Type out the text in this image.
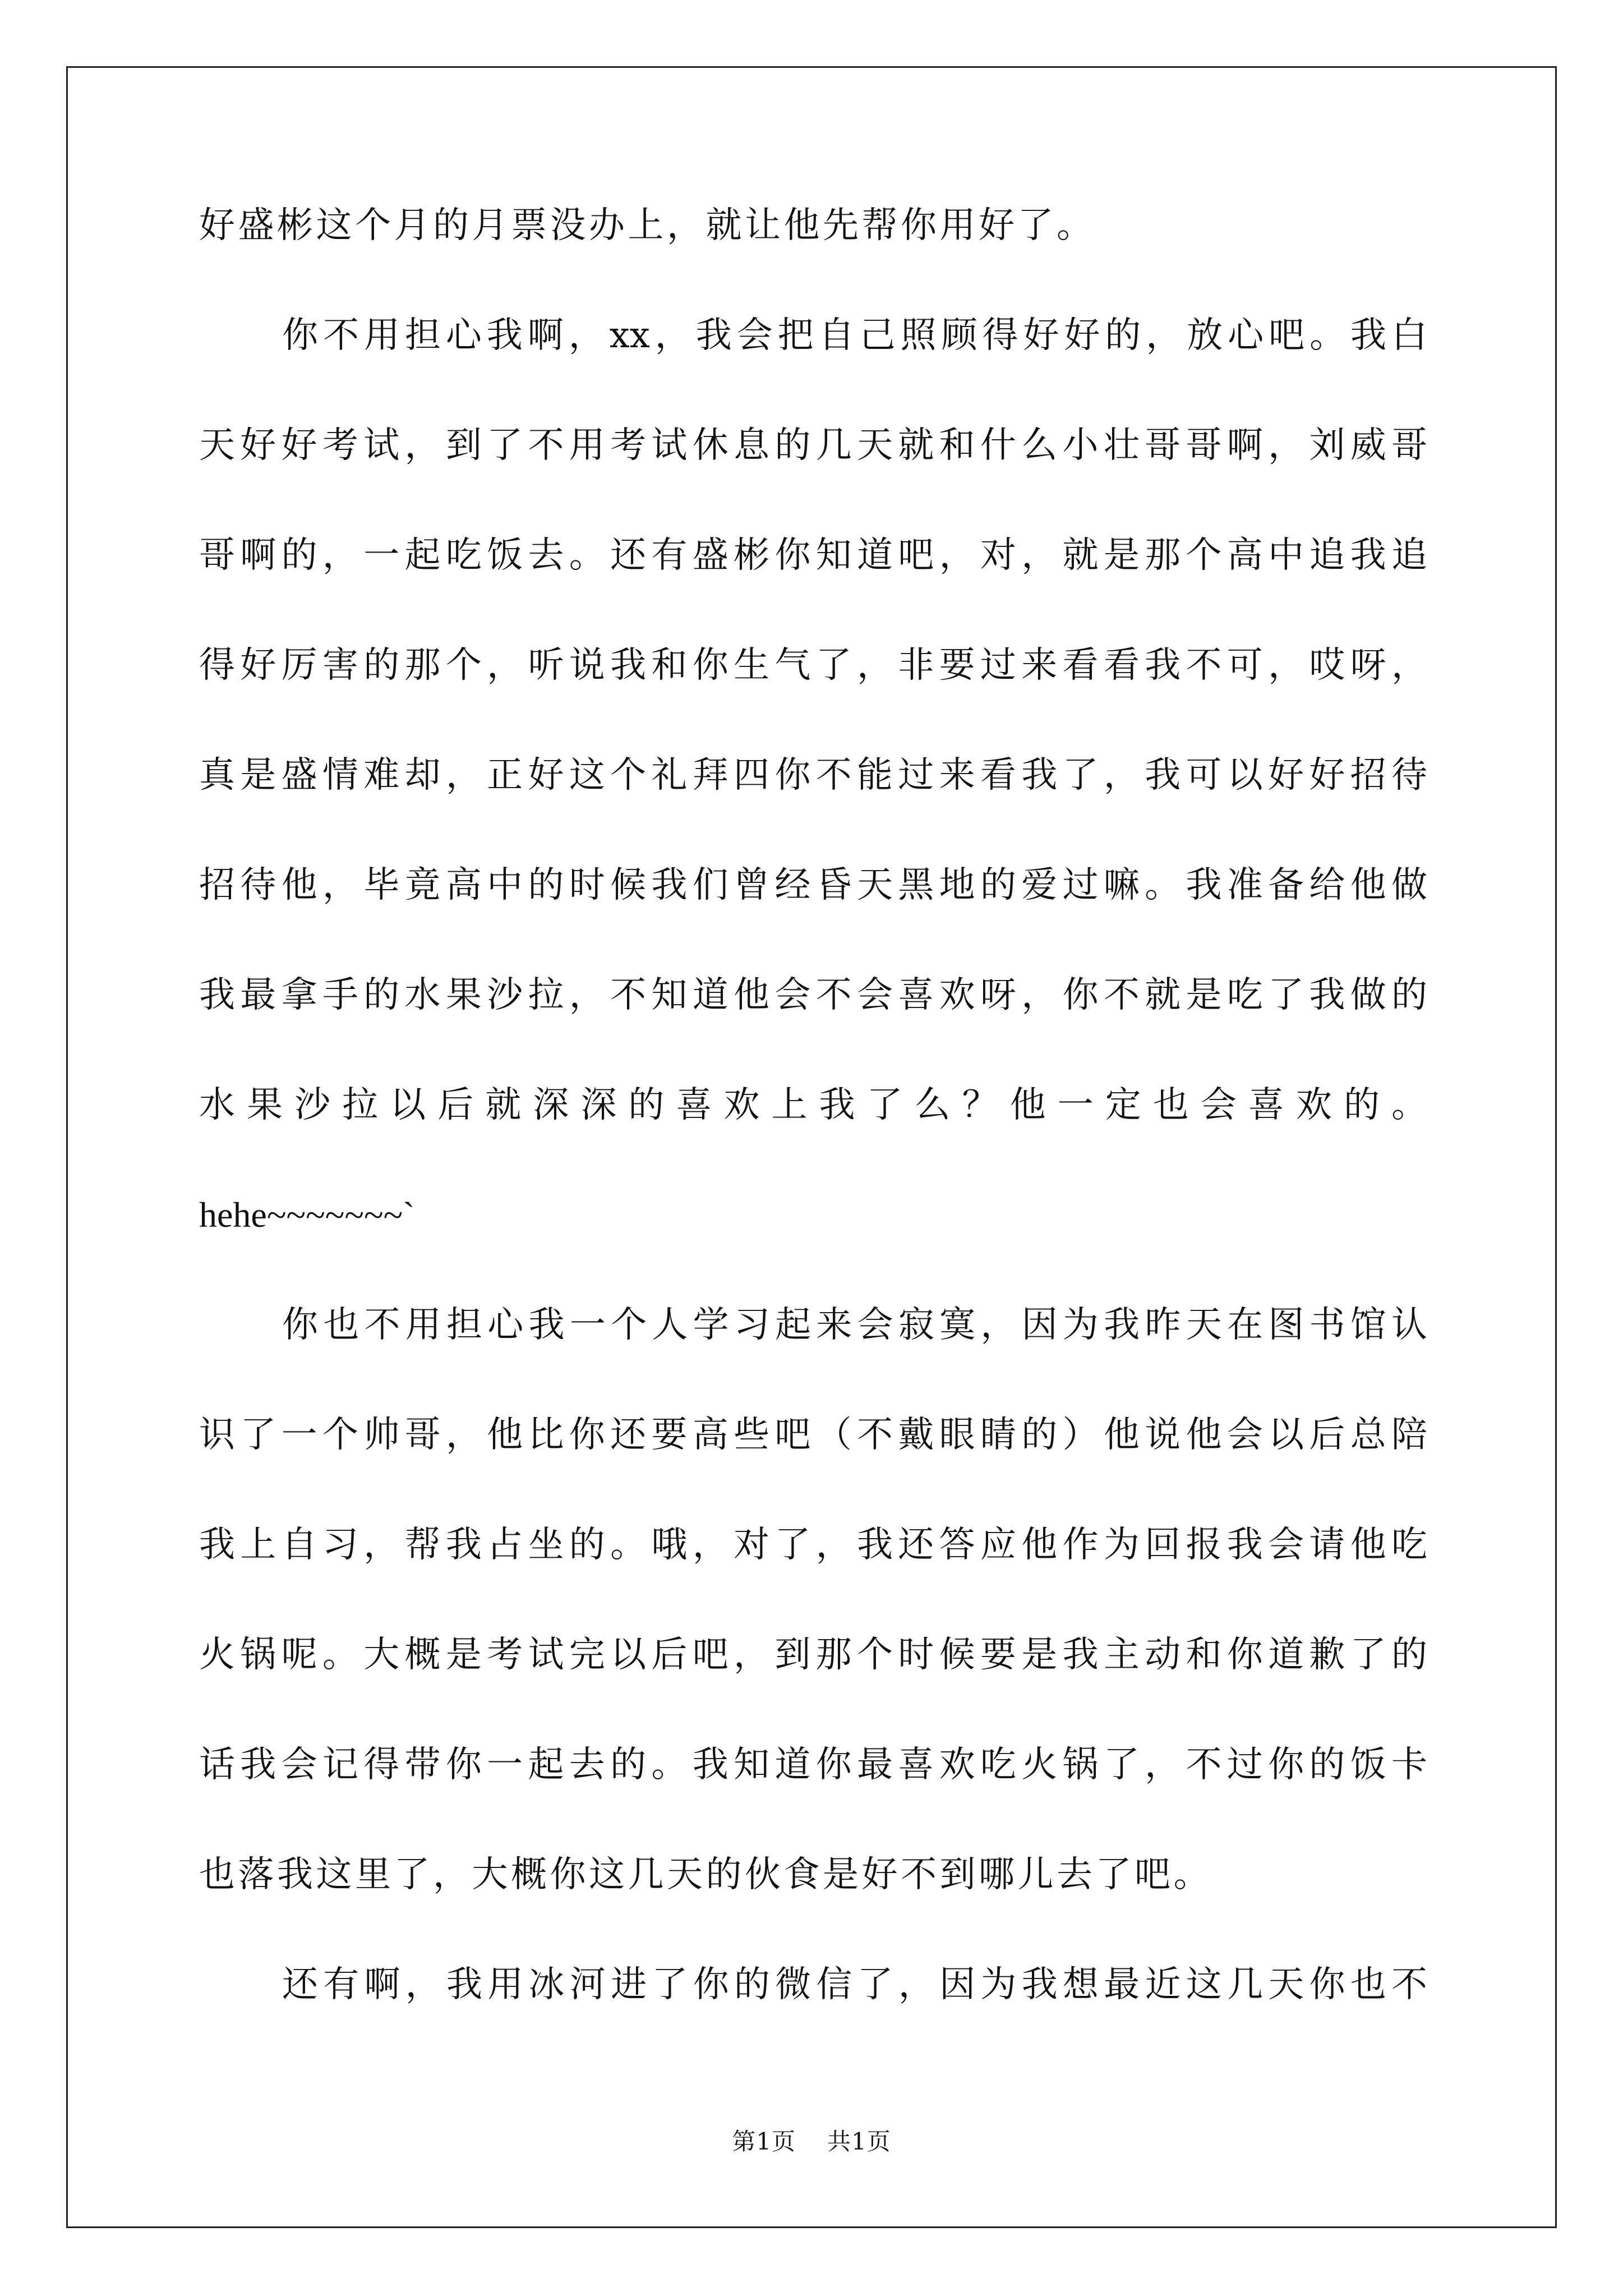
好盛彬这个月的月票没办上，就让他先帮你用好了。
你不用担心我啊，xx，我会把自己照顾得好好的，放心吧。我白
天好好考试，到了不用考试休息的几天就和什么小壮哥哥啊，刘威哥
哥啊的，一起吃饭去。还有盛彬你知道吧，对，就是那个高中追我追
得好厉害的那个，听说我和你生气了，非要过来看看我不可，哎呀，
真是盛情难却，正好这个礼拜四你不能过来看我了，我可以好好招待
招待他，毕竟高中的时候我们曾经昏天黑地的爱过嘛。我准备给他做
我最拿手的水果沙拉，不知道他会不会喜欢呀，你不就是吃了我做的
水果沙拉以后就深深的喜欢上我了么？他一定也会喜欢的。
hehe~~~~~~~`
你也不用担心我一个人学习起来会寂寞，因为我昨天在图书馆认
识了一个帅哥，他比你还要高些吧（不戴眼睛的）他说他会以后总陪
我上自习，帮我占坐的。哦，对了，我还答应他作为回报我会请他吃
火锅呢。大概是考试完以后吧，到那个时候要是我主动和你道歉了的
话我会记得带你一起去的。我知道你最喜欢吃火锅了，不过你的饭卡
也落我这里了，大概你这几天的伙食是好不到哪儿去了吧。
还有啊，我用冰河进了你的微信了，因为我想最近这几天你也不
第1页 共1页
